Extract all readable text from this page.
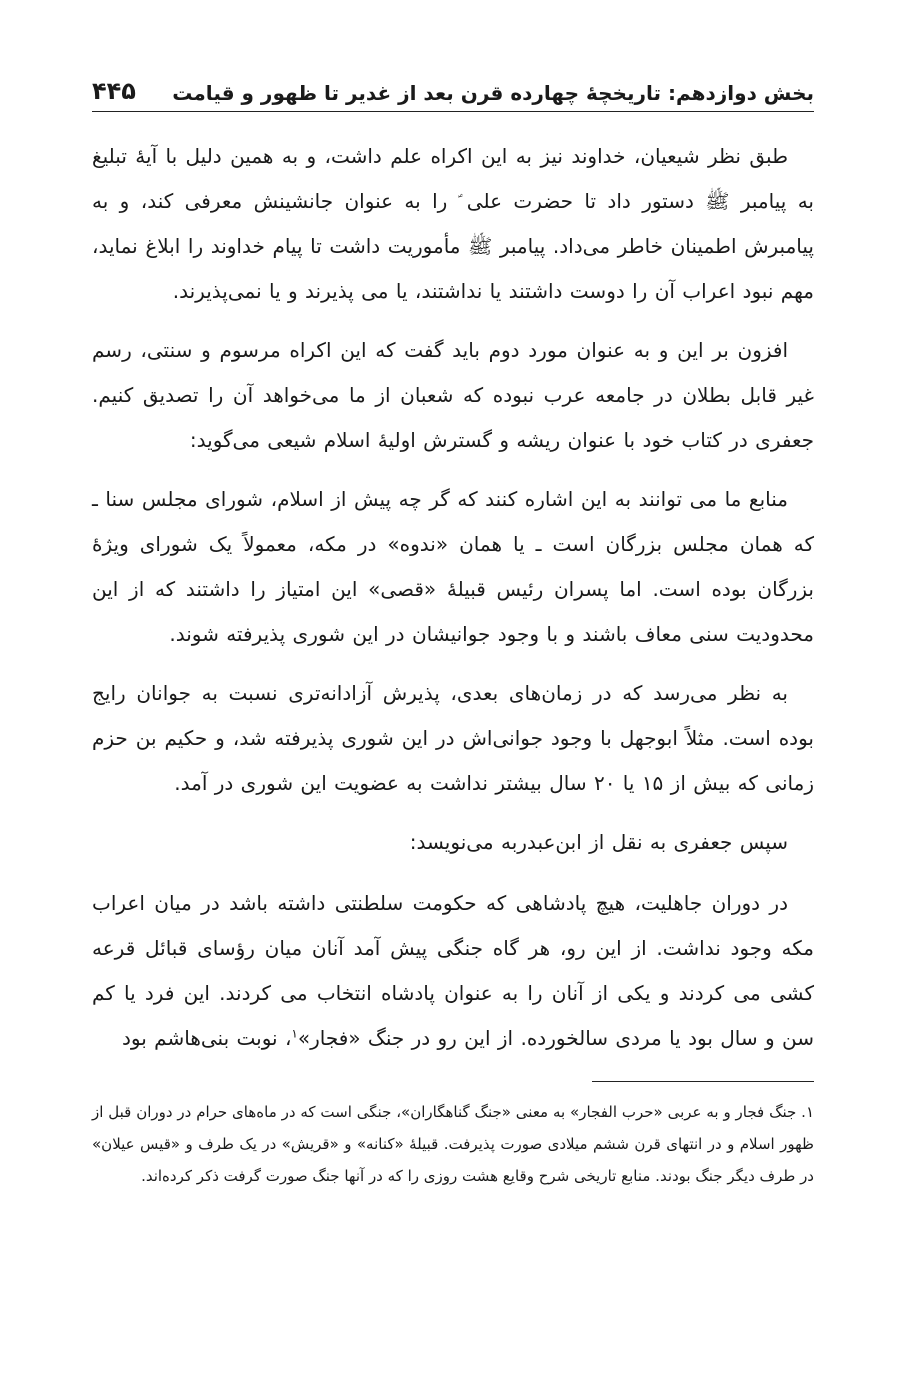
بخش دوازدهم: تاریخچهٔ چهارده قرن بعد از غدیر تا ظهور و قیامت
۴۴۵

طبق نظر شیعیان، خداوند نیز به این اکراه علم داشت، و به همین دلیل با آیهٔ تبلیغ به پیامبر ﷺ دستور داد تا حضرت علی ؑ را به عنوان جانشینش معرفی کند، و به پیامبرش اطمینان خاطر می‌داد. پیامبر ﷺ مأموریت داشت تا پیام خداوند را ابلاغ نماید، مهم نبود اعراب آن را دوست داشتند یا نداشتند، یا می پذیرند و یا نمی‌پذیرند.

افزون بر این و به عنوان مورد دوم باید گفت که این اکراه مرسوم و سنتی، رسم غیر قابل بطلان در جامعه عرب نبوده که شعبان از ما می‌خواهد آن را تصدیق کنیم. جعفری در کتاب خود با عنوان ریشه و گسترش اولیهٔ اسلام شیعی می‌گوید:

منابع ما می توانند به این اشاره کنند که گر چه پیش از اسلام، شورای مجلس سنا ـ که همان مجلس بزرگان است ـ یا همان «ندوه» در مکه، معمولاً یک شورای ویژهٔ بزرگان بوده است. اما پسران رئیس قبیلهٔ «قصی» این امتیاز را داشتند که از این محدودیت سنی معاف باشند و با وجود جوانیشان در این شوری پذیرفته شوند.

به نظر می‌رسد که در زمان‌های بعدی، پذیرش آزادانه‌تری نسبت به جوانان رایج بوده است. مثلاً ابوجهل با وجود جوانی‌اش در این شوری پذیرفته شد، و حکیم بن حزم زمانی که بیش از ۱۵ یا ۲۰ سال بیشتر نداشت به عضویت این شوری در آمد.

سپس جعفری به نقل از ابن‌عبدربه می‌نویسد:

در دوران جاهلیت، هیچ پادشاهی که حکومت سلطنتی داشته باشد در میان اعراب مکه وجود نداشت. از این رو، هر گاه جنگی پیش آمد آنان میان رؤسای قبائل قرعه کشی می کردند و یکی از آنان را به عنوان پادشاه انتخاب می کردند. این فرد یا کم سن و سال بود یا مردی سالخورده. از این رو در جنگ «فجار»$^۱$، نوبت بنی‌هاشم بود

۱. جنگ فجار و به عربی «حرب الفجار» به معنی «جنگ گناهگاران»، جنگی است که در ماه‌های حرام در دوران قبل از ظهور اسلام و در انتهای قرن ششم میلادی صورت پذیرفت. قبیلهٔ «کنانه» و «قریش» در یک طرف و «قیس عیلان» در طرف دیگر جنگ بودند. منابع تاریخی شرح وقایع هشت روزی را که در آنها جنگ صورت گرفت ذکر کرده‌اند.
